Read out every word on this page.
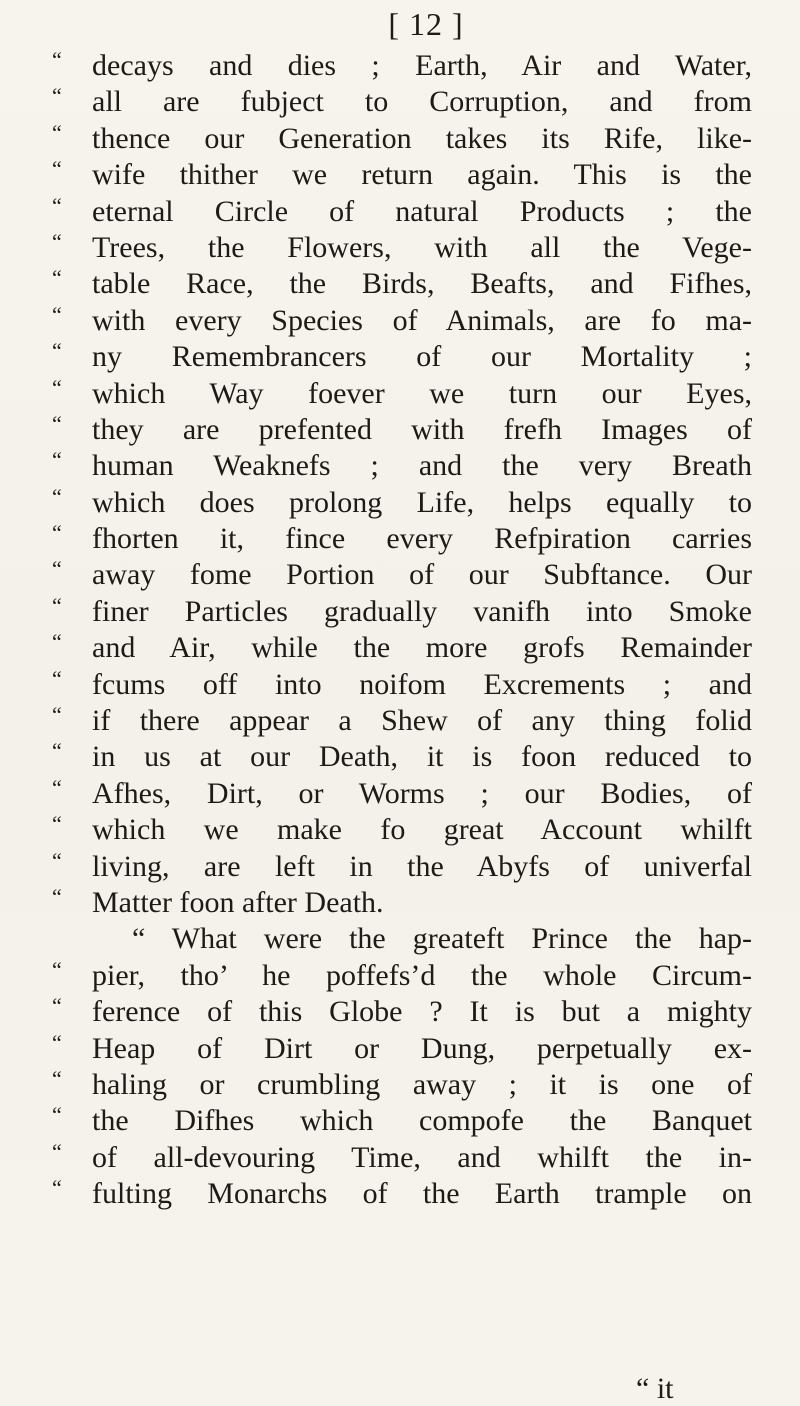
[ 12 ]
“	decays and dies ; Earth, Air and Water,
“	all are fubject to Corruption, and from
“	thence our Generation takes its Rife, like-
“	wife thither we return again. This is the
“	eternal Circle of natural Products ; the
“	Trees, the Flowers, with all the Vege-
“	table Race, the Birds, Beafts, and Fifhes,
“	with every Species of Animals, are fo ma-
“	ny Remembrancers of our Mortality ;
“	which Way foever we turn our Eyes,
“	they are prefented with frefh Images of
“	human Weaknefs ; and the very Breath
“	which does prolong Life, helps equally to
“	fhorten it, fince every Refpiration carries
“	away fome Portion of our Subftance. Our
“	finer Particles gradually vanifh into Smoke
“	and Air, while the more grofs Remainder
“	fcums off into noifom Excrements ; and
“	if there appear a Shew of any thing folid
“	in us at our Death, it is foon reduced to
“	Afhes, Dirt, or Worms ; our Bodies, of
“	which we make fo great Account whilft
“	living, are left in the Abyfs of univerfal
“	Matter foon after Death.
“ What were the greateft Prince the hap-
“	pier, tho’ he poffefs’d the whole Circum-
“	ference of this Globe ? It is but a mighty
“	Heap of Dirt or Dung, perpetually ex-
“	haling or crumbling away ; it is one of
“	the Difhes which compofe the Banquet
“	of all-devouring Time, and whilft the in-
“	fulting Monarchs of the Earth trample on
“ it
